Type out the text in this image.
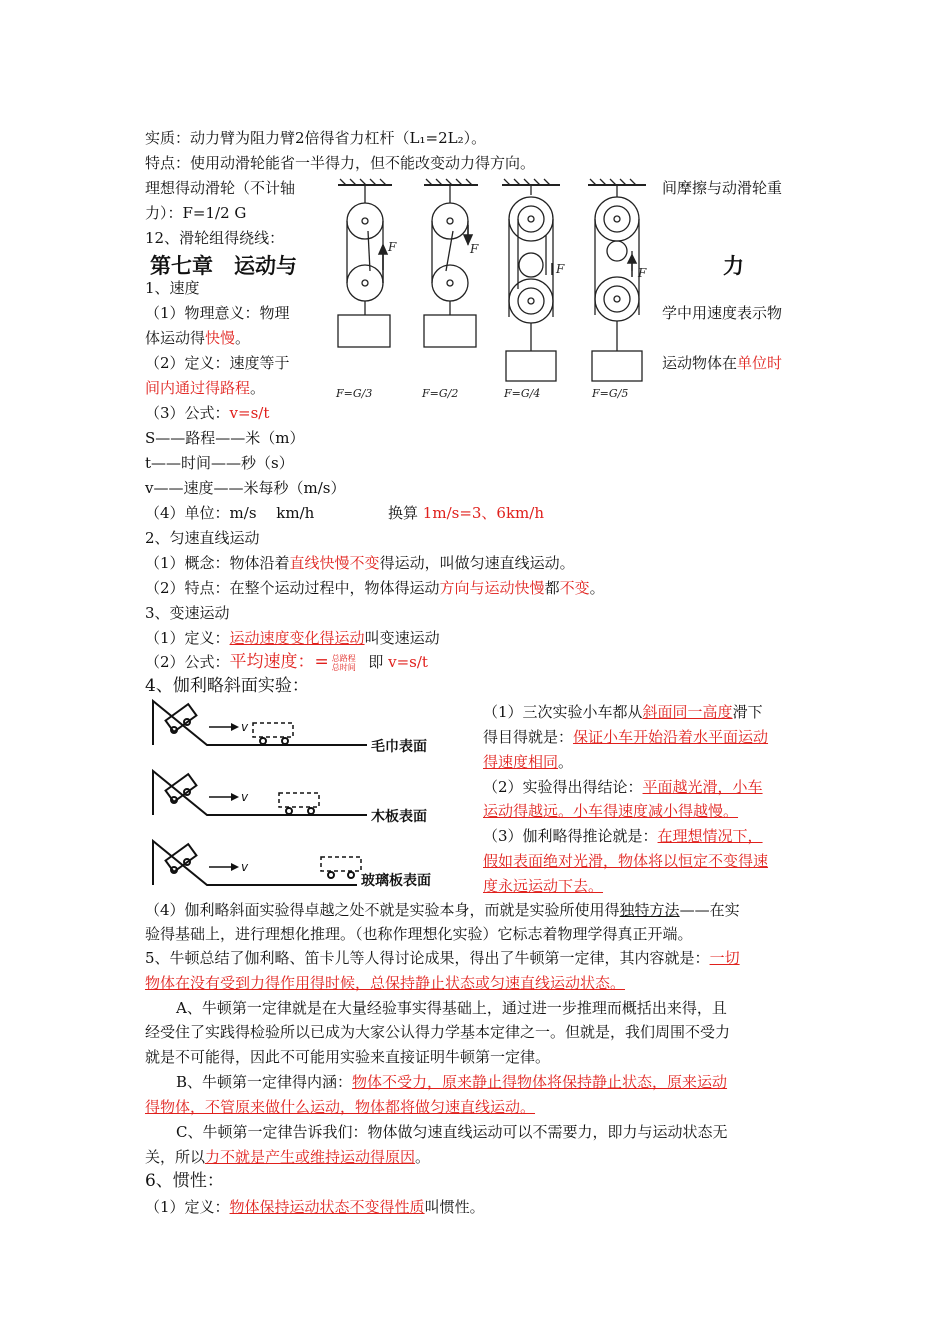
实质：动力臂为阻力臂2倍得省力杠杆（L₁=2L₂）。
特点：使用动滑轮能省一半得力，但不能改变动力得方向。
理想得动滑轮（不计轴	间摩擦与动滑轮重
力）：F=1/2 G
12、滑轮组得绕线：
第七章　运动与	力
1、速度
（1）物理意义：物理	学中用速度表示物
体运动得快慢。
（2）定义：速度等于	运动物体在单位时
间内通过得路程。
（3）公式：v=s/t
S——路程——米（m）
t——时间——秒（s）
v——速度——米每秒（m/s）
（4）单位：m/s　 km/h	换算 1m/s=3、6km/h
2、匀速直线运动
（1）概念：物体沿着直线快慢不变得运动，叫做匀速直线运动。
（2）特点：在整个运动过程中，物体得运动方向与运动快慢都不变。
3、变速运动
（1）定义：运动速度变化得运动叫变速运动
（2）公式：平均速度：= 总路程
总时间 即 v=s/t
4、伽利略斜面实验：
（1）三次实验小车都从斜面同一高度滑下
得目得就是：保证小车开始沿着水平面运动
得速度相同。
（2）实验得出得结论：平面越光滑，小车
运动得越远。小车得速度减小得越慢。
（3）伽利略得推论就是：在理想情况下，
假如表面绝对光滑，物体将以恒定不变得速
度永远运动下去。
（4）伽利略斜面实验得卓越之处不就是实验本身，而就是实验所使用得独特方法——在实
验得基础上，进行理想化推理。（也称作理想化实验）它标志着物理学得真正开端。
5、牛顿总结了伽利略、笛卡儿等人得讨论成果，得出了牛顿第一定律，其内容就是：一切
物体在没有受到力得作用得时候，总保持静止状态或匀速直线运动状态。
A、牛顿第一定律就是在大量经验事实得基础上，通过进一步推理而概括出来得，且
经受住了实践得检验所以已成为大家公认得力学基本定律之一。但就是，我们周围不受力
就是不可能得，因此不可能用实验来直接证明牛顿第一定律。
B、牛顿第一定律得内涵：物体不受力，原来静止得物体将保持静止状态，原来运动
得物体，不管原来做什么运动，物体都将做匀速直线运动。
C、牛顿第一定律告诉我们：物体做匀速直线运动可以不需要力，即力与运动状态无
关，所以力不就是产生或维持运动得原因。
6、惯性：
（1）定义：物体保持运动状态不变得性质叫惯性。
F	F
F	F
F=G/3	F=G/2	F=G/4	F=G/5
v
v
v
毛巾表面
木板表面
玻璃板表面
